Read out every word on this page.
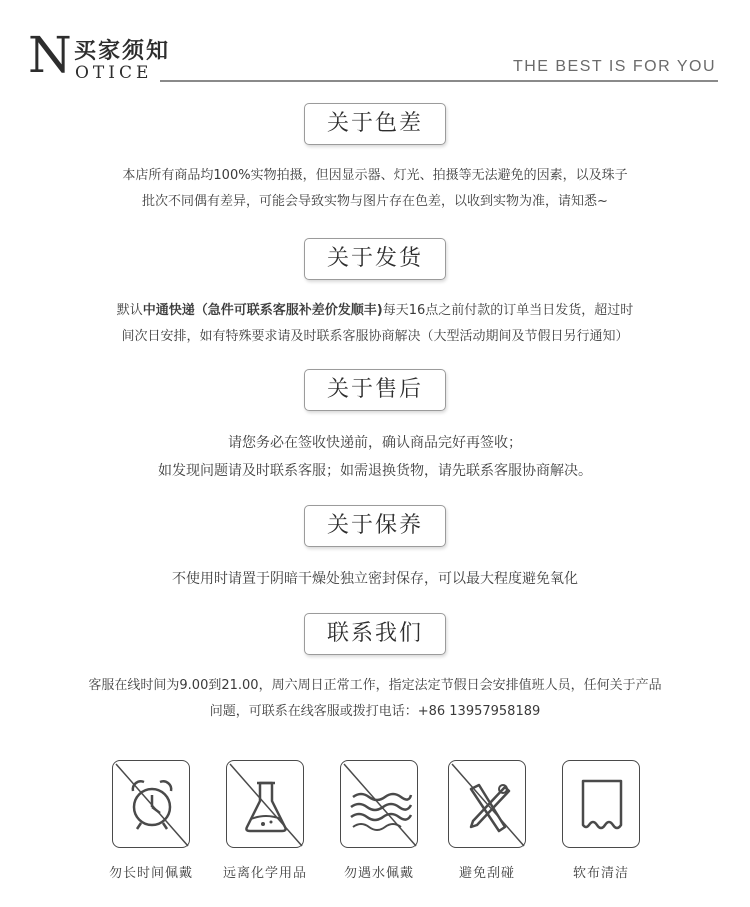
N 买家须知
OTICE	THE BEST IS FOR YOU
关于色差

本店所有商品均100%实物拍摄，但因显示器、灯光、拍摄等无法避免的因素，以及珠子

批次不同偶有差异，可能会导致实物与图片存在色差，以收到实物为准，请知悉~

关于发货

默认中通快递（急件可联系客服补差价发顺丰)每天16点之前付款的订单当日发货，超过时

间次日安排，如有特殊要求请及时联系客服协商解决（大型活动期间及节假日另行通知）

关于售后

请您务必在签收快递前，确认商品完好再签收；

如发现问题请及时联系客服；如需退换货物，请先联系客服协商解决。

关于保养

不使用时请置于阴暗干燥处独立密封保存，可以最大程度避免氧化

联系我们

客服在线时间为9.00到21.00，周六周日正常工作，指定法定节假日会安排值班人员，任何关于产品

问题，可联系在线客服或拨打电话：+86 13957958189

勿长时间佩戴	远离化学用品	勿遇水佩戴	避免刮碰	软布清洁
